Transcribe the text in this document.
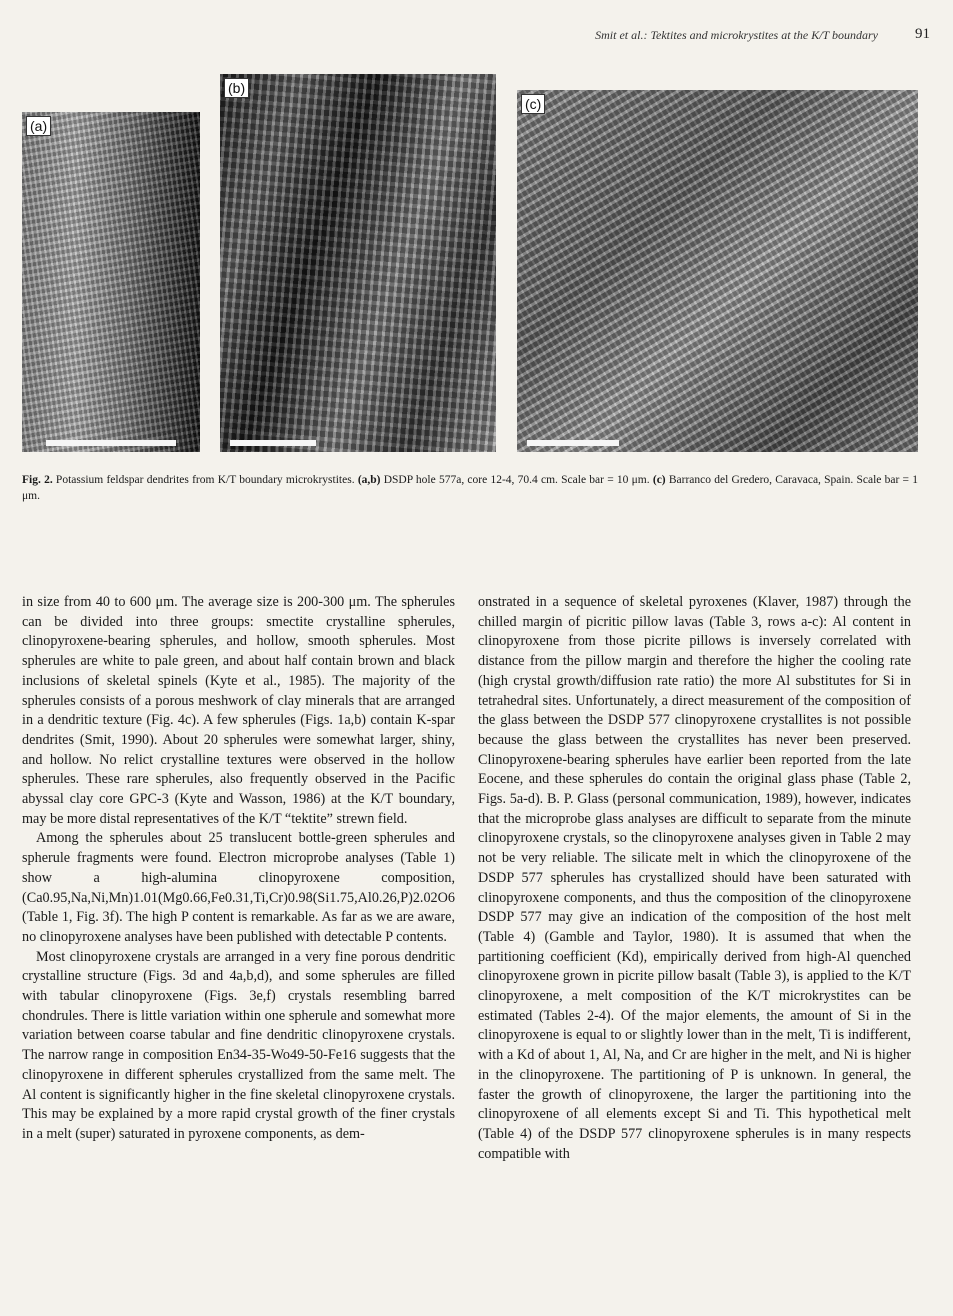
Smit et al.: Tektites and microkrystites at the K/T boundary 91
(a)
(b)
(c)
Fig. 2. Potassium feldspar dendrites from K/T boundary microkrystites. (a,b) DSDP hole 577a, core 12-4, 70.4 cm. Scale bar = 10 μm. (c) Barranco del Gredero, Caravaca, Spain. Scale bar = 1 μm.

in size from 40 to 600 μm. The average size is 200-300 μm. The spherules can be divided into three groups: smectite crystalline spherules, clinopyroxene-bearing spherules, and hollow, smooth spherules. Most spherules are white to pale green, and about half contain brown and black inclusions of skeletal spinels (Kyte et al., 1985). The majority of the spherules consists of a porous meshwork of clay minerals that are arranged in a dendritic texture (Fig. 4c). A few spherules (Figs. 1a,b) contain K-spar dendrites (Smit, 1990). About 20 spherules were somewhat larger, shiny, and hollow. No relict crystalline textures were observed in the hollow spherules. These rare spherules, also frequently observed in the Pacific abyssal clay core GPC-3 (Kyte and Wasson, 1986) at the K/T boundary, may be more distal representatives of the K/T “tektite” strewn field.

Among the spherules about 25 translucent bottle-green spherules and spherule fragments were found. Electron microprobe analyses (Table 1) show a high-alumina clinopyroxene composition, (Ca0.95,Na,Ni,Mn)1.01(Mg0.66,Fe0.31,Ti,Cr)0.98(Si1.75,Al0.26,P)2.02O6 (Table 1, Fig. 3f). The high P content is remarkable. As far as we are aware, no clinopyroxene analyses have been published with detectable P contents.

Most clinopyroxene crystals are arranged in a very fine porous dendritic crystalline structure (Figs. 3d and 4a,b,d), and some spherules are filled with tabular clinopyroxene (Figs. 3e,f) crystals resembling barred chondrules. There is little variation within one spherule and somewhat more variation between coarse tabular and fine dendritic clinopyroxene crystals. The narrow range in composition En34-35-Wo49-50-Fe16 suggests that the clinopyroxene in different spherules crystallized from the same melt. The Al content is significantly higher in the fine skeletal clinopyroxene crystals. This may be explained by a more rapid crystal growth of the finer crystals in a melt (super) saturated in pyroxene components, as dem-

onstrated in a sequence of skeletal pyroxenes (Klaver, 1987) through the chilled margin of picritic pillow lavas (Table 3, rows a-c): Al content in clinopyroxene from those picrite pillows is inversely correlated with distance from the pillow margin and therefore the higher the cooling rate (high crystal growth/diffusion rate ratio) the more Al substitutes for Si in tetrahedral sites. Unfortunately, a direct measurement of the composition of the glass between the DSDP 577 clinopyroxene crystallites is not possible because the glass between the crystallites has never been preserved. Clinopyroxene-bearing spherules have earlier been reported from the late Eocene, and these spherules do contain the original glass phase (Table 2, Figs. 5a-d). B. P. Glass (personal communication, 1989), however, indicates that the microprobe glass analyses are difficult to separate from the minute clinopyroxene crystals, so the clinopyroxene analyses given in Table 2 may not be very reliable. The silicate melt in which the clinopyroxene of the DSDP 577 spherules has crystallized should have been saturated with clinopyroxene components, and thus the composition of the clinopyroxene DSDP 577 may give an indication of the composition of the host melt (Table 4) (Gamble and Taylor, 1980). It is assumed that when the partitioning coefficient (Kd), empirically derived from high-Al quenched clinopyroxene grown in picrite pillow basalt (Table 3), is applied to the K/T clinopyroxene, a melt composition of the K/T microkrystites can be estimated (Tables 2-4). Of the major elements, the amount of Si in the clinopyroxene is equal to or slightly lower than in the melt, Ti is indifferent, with a Kd of about 1, Al, Na, and Cr are higher in the melt, and Ni is higher in the clinopyroxene. The partitioning of P is unknown. In general, the faster the growth of clinopyroxene, the larger the partitioning into the clinopyroxene of all elements except Si and Ti. This hypothetical melt (Table 4) of the DSDP 577 clinopyroxene spherules is in many respects compatible with
